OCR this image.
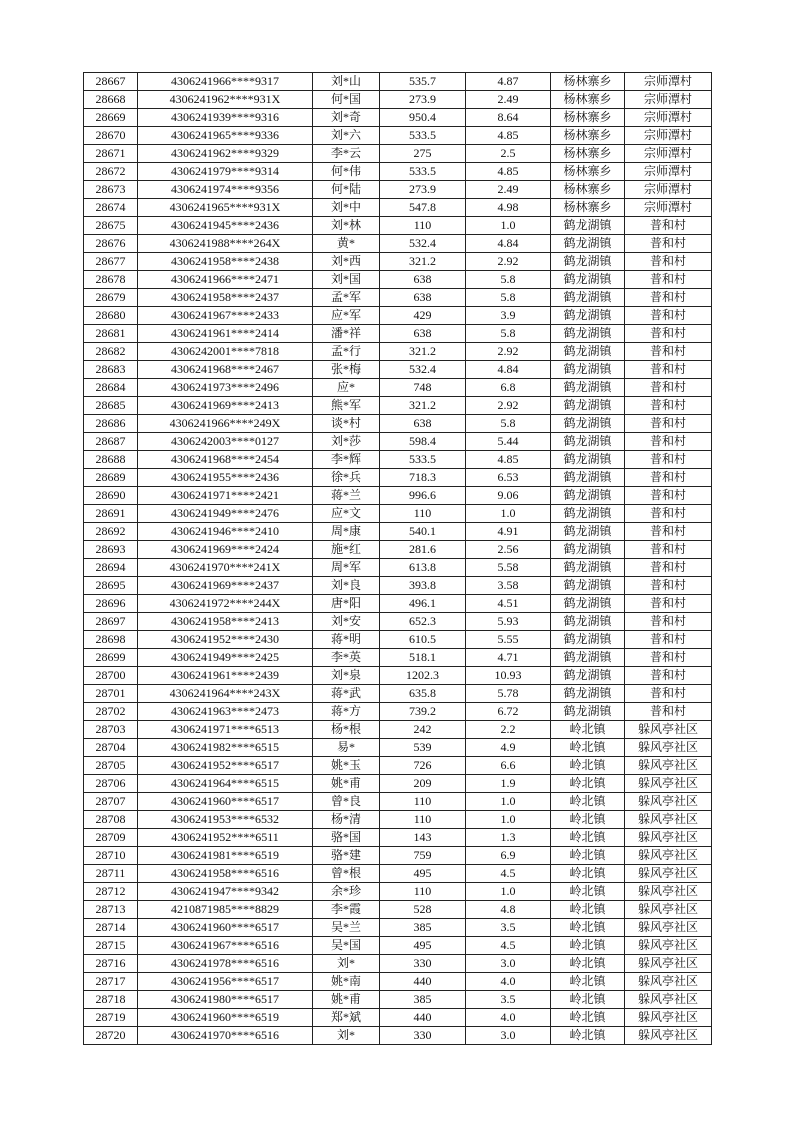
28667	4306241966****9317	刘*山	535.7	4.87	杨林寨乡	宗师潭村
28668	4306241962****931X	何*国	273.9	2.49	杨林寨乡	宗师潭村
28669	4306241939****9316	刘*奇	950.4	8.64	杨林寨乡	宗师潭村
28670	4306241965****9336	刘*六	533.5	4.85	杨林寨乡	宗师潭村
28671	4306241962****9329	李*云	275	2.5	杨林寨乡	宗师潭村
28672	4306241979****9314	何*伟	533.5	4.85	杨林寨乡	宗师潭村
28673	4306241974****9356	何*陆	273.9	2.49	杨林寨乡	宗师潭村
28674	4306241965****931X	刘*中	547.8	4.98	杨林寨乡	宗师潭村
28675	4306241945****2436	刘*林	110	1.0	鹤龙湖镇	普和村
28676	4306241988****264X	黄*	532.4	4.84	鹤龙湖镇	普和村
28677	4306241958****2438	刘*西	321.2	2.92	鹤龙湖镇	普和村
28678	4306241966****2471	刘*国	638	5.8	鹤龙湖镇	普和村
28679	4306241958****2437	孟*军	638	5.8	鹤龙湖镇	普和村
28680	4306241967****2433	应*军	429	3.9	鹤龙湖镇	普和村
28681	4306241961****2414	潘*祥	638	5.8	鹤龙湖镇	普和村
28682	4306242001****7818	孟*行	321.2	2.92	鹤龙湖镇	普和村
28683	4306241968****2467	张*梅	532.4	4.84	鹤龙湖镇	普和村
28684	4306241973****2496	应*	748	6.8	鹤龙湖镇	普和村
28685	4306241969****2413	熊*军	321.2	2.92	鹤龙湖镇	普和村
28686	4306241966****249X	谈*村	638	5.8	鹤龙湖镇	普和村
28687	4306242003****0127	刘*莎	598.4	5.44	鹤龙湖镇	普和村
28688	4306241968****2454	李*辉	533.5	4.85	鹤龙湖镇	普和村
28689	4306241955****2436	徐*兵	718.3	6.53	鹤龙湖镇	普和村
28690	4306241971****2421	蒋*兰	996.6	9.06	鹤龙湖镇	普和村
28691	4306241949****2476	应*文	110	1.0	鹤龙湖镇	普和村
28692	4306241946****2410	周*康	540.1	4.91	鹤龙湖镇	普和村
28693	4306241969****2424	施*红	281.6	2.56	鹤龙湖镇	普和村
28694	4306241970****241X	周*军	613.8	5.58	鹤龙湖镇	普和村
28695	4306241969****2437	刘*良	393.8	3.58	鹤龙湖镇	普和村
28696	4306241972****244X	唐*阳	496.1	4.51	鹤龙湖镇	普和村
28697	4306241958****2413	刘*安	652.3	5.93	鹤龙湖镇	普和村
28698	4306241952****2430	蒋*明	610.5	5.55	鹤龙湖镇	普和村
28699	4306241949****2425	李*英	518.1	4.71	鹤龙湖镇	普和村
28700	4306241961****2439	刘*泉	1202.3	10.93	鹤龙湖镇	普和村
28701	4306241964****243X	蒋*武	635.8	5.78	鹤龙湖镇	普和村
28702	4306241963****2473	蒋*方	739.2	6.72	鹤龙湖镇	普和村
28703	4306241971****6513	杨*根	242	2.2	岭北镇	躲风亭社区
28704	4306241982****6515	易*	539	4.9	岭北镇	躲风亭社区
28705	4306241952****6517	姚*玉	726	6.6	岭北镇	躲风亭社区
28706	4306241964****6515	姚*甫	209	1.9	岭北镇	躲风亭社区
28707	4306241960****6517	曾*良	110	1.0	岭北镇	躲风亭社区
28708	4306241953****6532	杨*清	110	1.0	岭北镇	躲风亭社区
28709	4306241952****6511	骆*国	143	1.3	岭北镇	躲风亭社区
28710	4306241981****6519	骆*建	759	6.9	岭北镇	躲风亭社区
28711	4306241958****6516	曾*根	495	4.5	岭北镇	躲风亭社区
28712	4306241947****9342	余*珍	110	1.0	岭北镇	躲风亭社区
28713	4210871985****8829	李*霞	528	4.8	岭北镇	躲风亭社区
28714	4306241960****6517	吴*兰	385	3.5	岭北镇	躲风亭社区
28715	4306241967****6516	吴*国	495	4.5	岭北镇	躲风亭社区
28716	4306241978****6516	刘*	330	3.0	岭北镇	躲风亭社区
28717	4306241956****6517	姚*南	440	4.0	岭北镇	躲风亭社区
28718	4306241980****6517	姚*甫	385	3.5	岭北镇	躲风亭社区
28719	4306241960****6519	郑*斌	440	4.0	岭北镇	躲风亭社区
28720	4306241970****6516	刘*	330	3.0	岭北镇	躲风亭社区
